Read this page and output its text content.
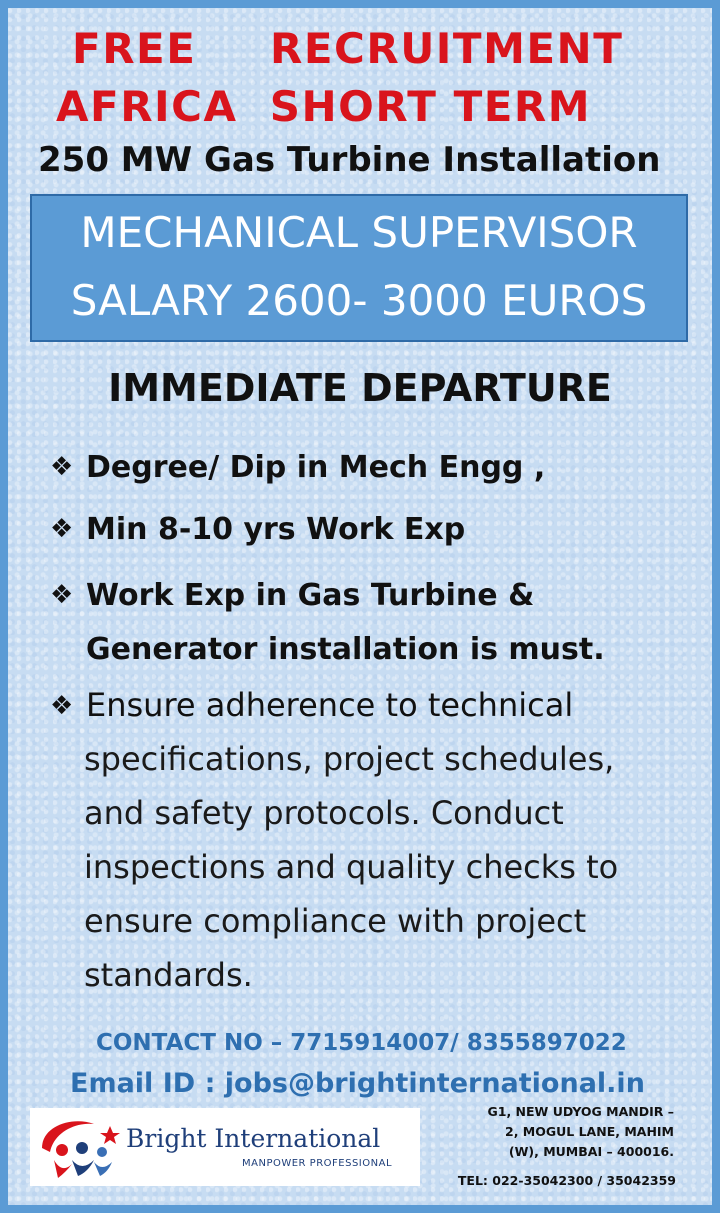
FREE RECRUITMENT
AFRICA  SHORT TERM
250 MW Gas Turbine Installation
MECHANICAL SUPERVISOR
SALARY 2600- 3000 EUROS
IMMEDIATE DEPARTURE
❖ Degree/ Dip in Mech Engg ,
❖ Min 8-10 yrs Work Exp
❖ Work Exp in Gas Turbine &
Generator installation is must.
❖ Ensure adherence to technical
specifications, project schedules,
and safety protocols. Conduct
inspections and quality checks to
ensure compliance with project
standards.
CONTACT NO – 7715914007/ 8355897022
Email ID : jobs@brightinternational.in
Bright International
MANPOWER PROFESSIONAL
G1, NEW UDYOG MANDIR –
2, MOGUL LANE, MAHIM
(W), MUMBAI – 400016.
TEL: 022-35042300 / 35042359
